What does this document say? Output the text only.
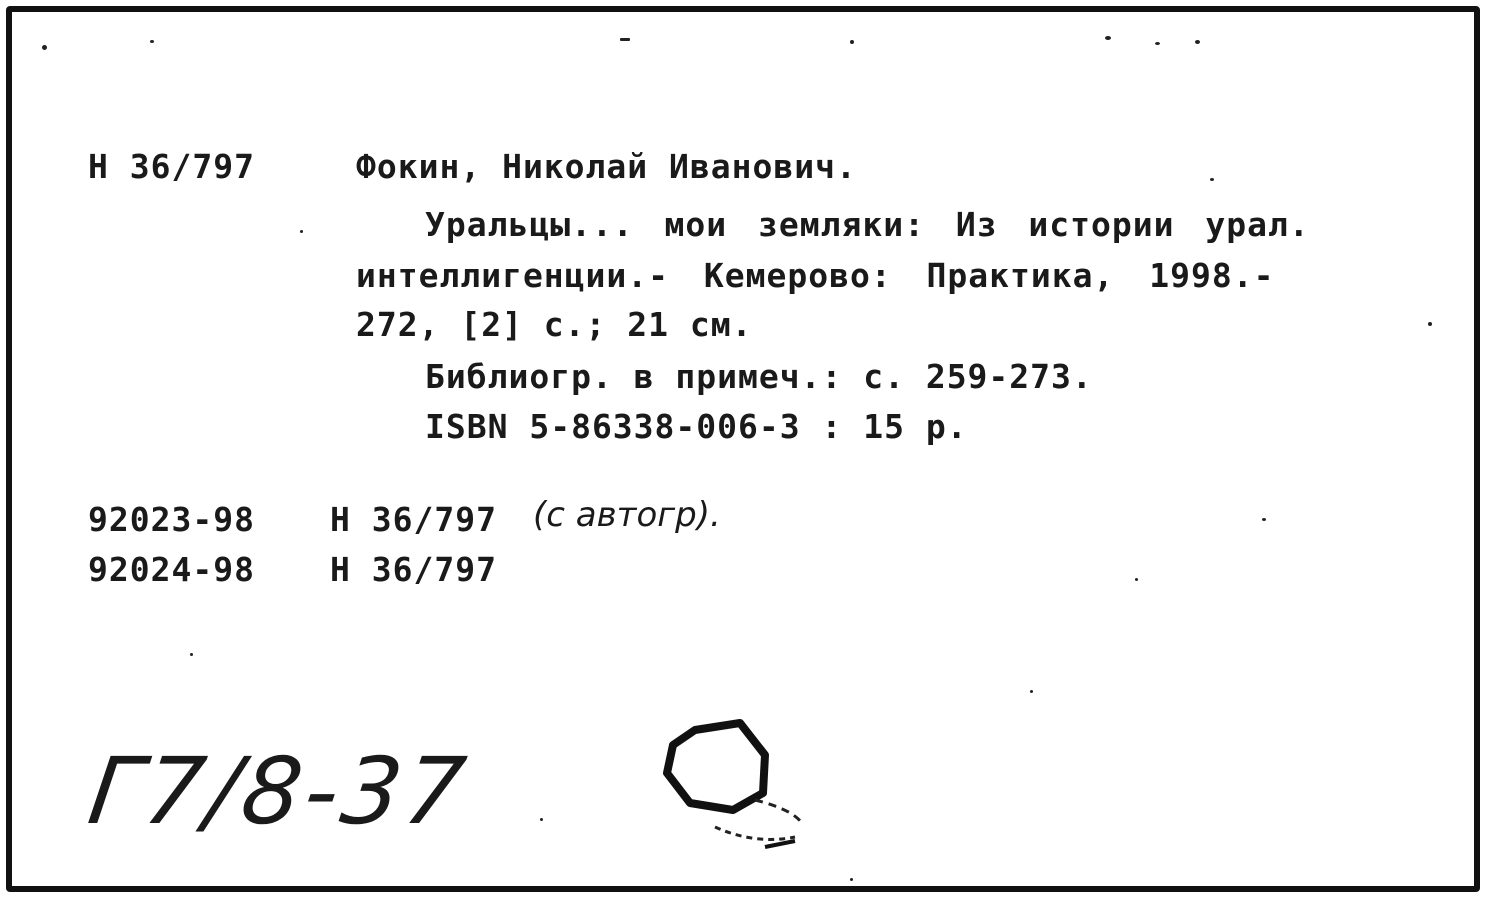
Н 36/797	Фокин, Николай Иванович.
Уральцы... мои земляки: Из истории урал.
интеллигенции.- Кемерово: Практика, 1998.-
272, [2] с.; 21 см.
Библиогр. в примеч.: с. 259-273.
ISBN 5-86338-006-3 : 15 р.
92023-98 Н 36/797 (с автогр).
92024-98 Н 36/797
Г7/8-37
